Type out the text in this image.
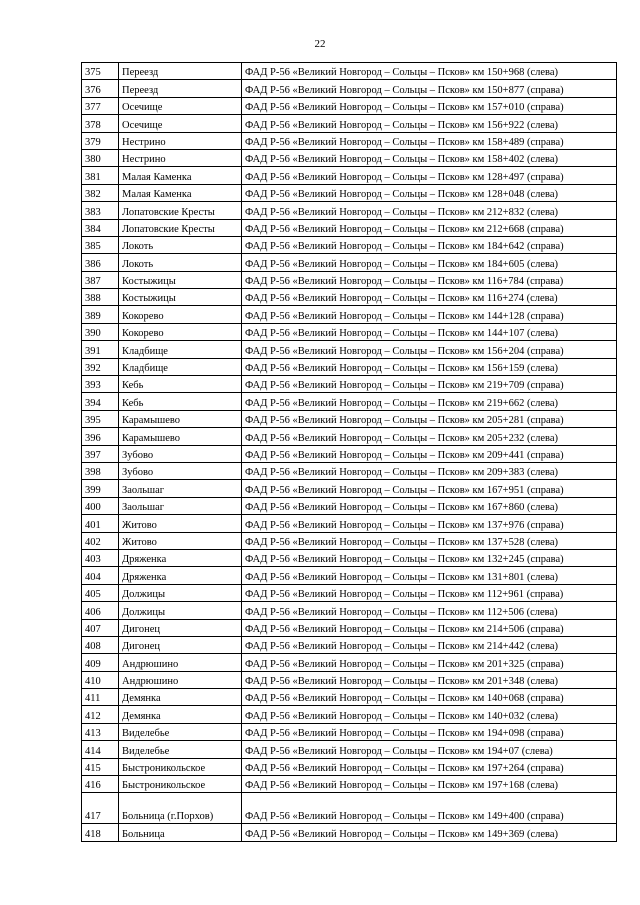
22
375	Переезд	ФАД Р-56 «Великий Новгород – Сольцы – Псков» км 150+968 (слева)
376	Переезд	ФАД Р-56 «Великий Новгород – Сольцы – Псков» км 150+877 (справа)
377	Осечище	ФАД Р-56 «Великий Новгород – Сольцы – Псков» км 157+010 (справа)
378	Осечище	ФАД Р-56 «Великий Новгород – Сольцы – Псков» км 156+922 (слева)
379	Нестрино	ФАД Р-56 «Великий Новгород – Сольцы – Псков» км 158+489 (справа)
380	Нестрино	ФАД Р-56 «Великий Новгород – Сольцы – Псков» км 158+402 (слева)
381	Малая Каменка	ФАД Р-56 «Великий Новгород – Сольцы – Псков» км 128+497 (справа)
382	Малая Каменка	ФАД Р-56 «Великий Новгород – Сольцы – Псков» км 128+048 (слева)
383	Лопатовские Кресты	ФАД Р-56 «Великий Новгород – Сольцы – Псков» км 212+832 (слева)
384	Лопатовские Кресты	ФАД Р-56 «Великий Новгород – Сольцы – Псков» км 212+668 (справа)
385	Локоть	ФАД Р-56 «Великий Новгород – Сольцы – Псков» км 184+642 (справа)
386	Локоть	ФАД Р-56 «Великий Новгород – Сольцы – Псков» км 184+605 (слева)
387	Костыжицы	ФАД Р-56 «Великий Новгород – Сольцы – Псков» км 116+784 (справа)
388	Костыжицы	ФАД Р-56 «Великий Новгород – Сольцы – Псков» км 116+274 (слева)
389	Кокорево	ФАД Р-56 «Великий Новгород – Сольцы – Псков» км 144+128 (справа)
390	Кокорево	ФАД Р-56 «Великий Новгород – Сольцы – Псков» км 144+107 (слева)
391	Кладбище	ФАД Р-56 «Великий Новгород – Сольцы – Псков» км 156+204 (справа)
392	Кладбище	ФАД Р-56 «Великий Новгород – Сольцы – Псков» км 156+159 (слева)
393	Кебь	ФАД Р-56 «Великий Новгород – Сольцы – Псков» км 219+709 (справа)
394	Кебь	ФАД Р-56 «Великий Новгород – Сольцы – Псков» км 219+662 (слева)
395	Карамышево	ФАД Р-56 «Великий Новгород – Сольцы – Псков» км 205+281 (справа)
396	Карамышево	ФАД Р-56 «Великий Новгород – Сольцы – Псков» км 205+232 (слева)
397	Зубово	ФАД Р-56 «Великий Новгород – Сольцы – Псков» км 209+441 (справа)
398	Зубово	ФАД Р-56 «Великий Новгород – Сольцы – Псков» км 209+383 (слева)
399	Заольшаг	ФАД Р-56 «Великий Новгород – Сольцы – Псков» км 167+951 (справа)
400	Заольшаг	ФАД Р-56 «Великий Новгород – Сольцы – Псков» км 167+860 (слева)
401	Житово	ФАД Р-56 «Великий Новгород – Сольцы – Псков» км 137+976 (справа)
402	Житово	ФАД Р-56 «Великий Новгород – Сольцы – Псков» км 137+528 (слева)
403	Дряженка	ФАД Р-56 «Великий Новгород – Сольцы – Псков» км 132+245 (справа)
404	Дряженка	ФАД Р-56 «Великий Новгород – Сольцы – Псков» км 131+801 (слева)
405	Должицы	ФАД Р-56 «Великий Новгород – Сольцы – Псков» км 112+961 (справа)
406	Должицы	ФАД Р-56 «Великий Новгород – Сольцы – Псков» км 112+506 (слева)
407	Дигонец	ФАД Р-56 «Великий Новгород – Сольцы – Псков» км 214+506 (справа)
408	Дигонец	ФАД Р-56 «Великий Новгород – Сольцы – Псков» км 214+442 (слева)
409	Андрюшино	ФАД Р-56 «Великий Новгород – Сольцы – Псков» км 201+325 (справа)
410	Андрюшино	ФАД Р-56 «Великий Новгород – Сольцы – Псков» км 201+348 (слева)
411	Демянка	ФАД Р-56 «Великий Новгород – Сольцы – Псков» км 140+068 (справа)
412	Демянка	ФАД Р-56 «Великий Новгород – Сольцы – Псков» км 140+032 (слева)
413	Виделебье	ФАД Р-56 «Великий Новгород – Сольцы – Псков» км 194+098 (справа)
414	Виделебье	ФАД Р-56 «Великий Новгород – Сольцы – Псков» км 194+07 (слева)
415	Быстроникольское	ФАД Р-56 «Великий Новгород – Сольцы – Псков» км 197+264 (справа)
416	Быстроникольское	ФАД Р-56 «Великий Новгород – Сольцы – Псков» км 197+168 (слева)
417	Больница (г.Порхов)	ФАД Р-56 «Великий Новгород – Сольцы – Псков» км 149+400 (справа)
418	Больница	ФАД Р-56 «Великий Новгород – Сольцы – Псков» км 149+369 (слева)
